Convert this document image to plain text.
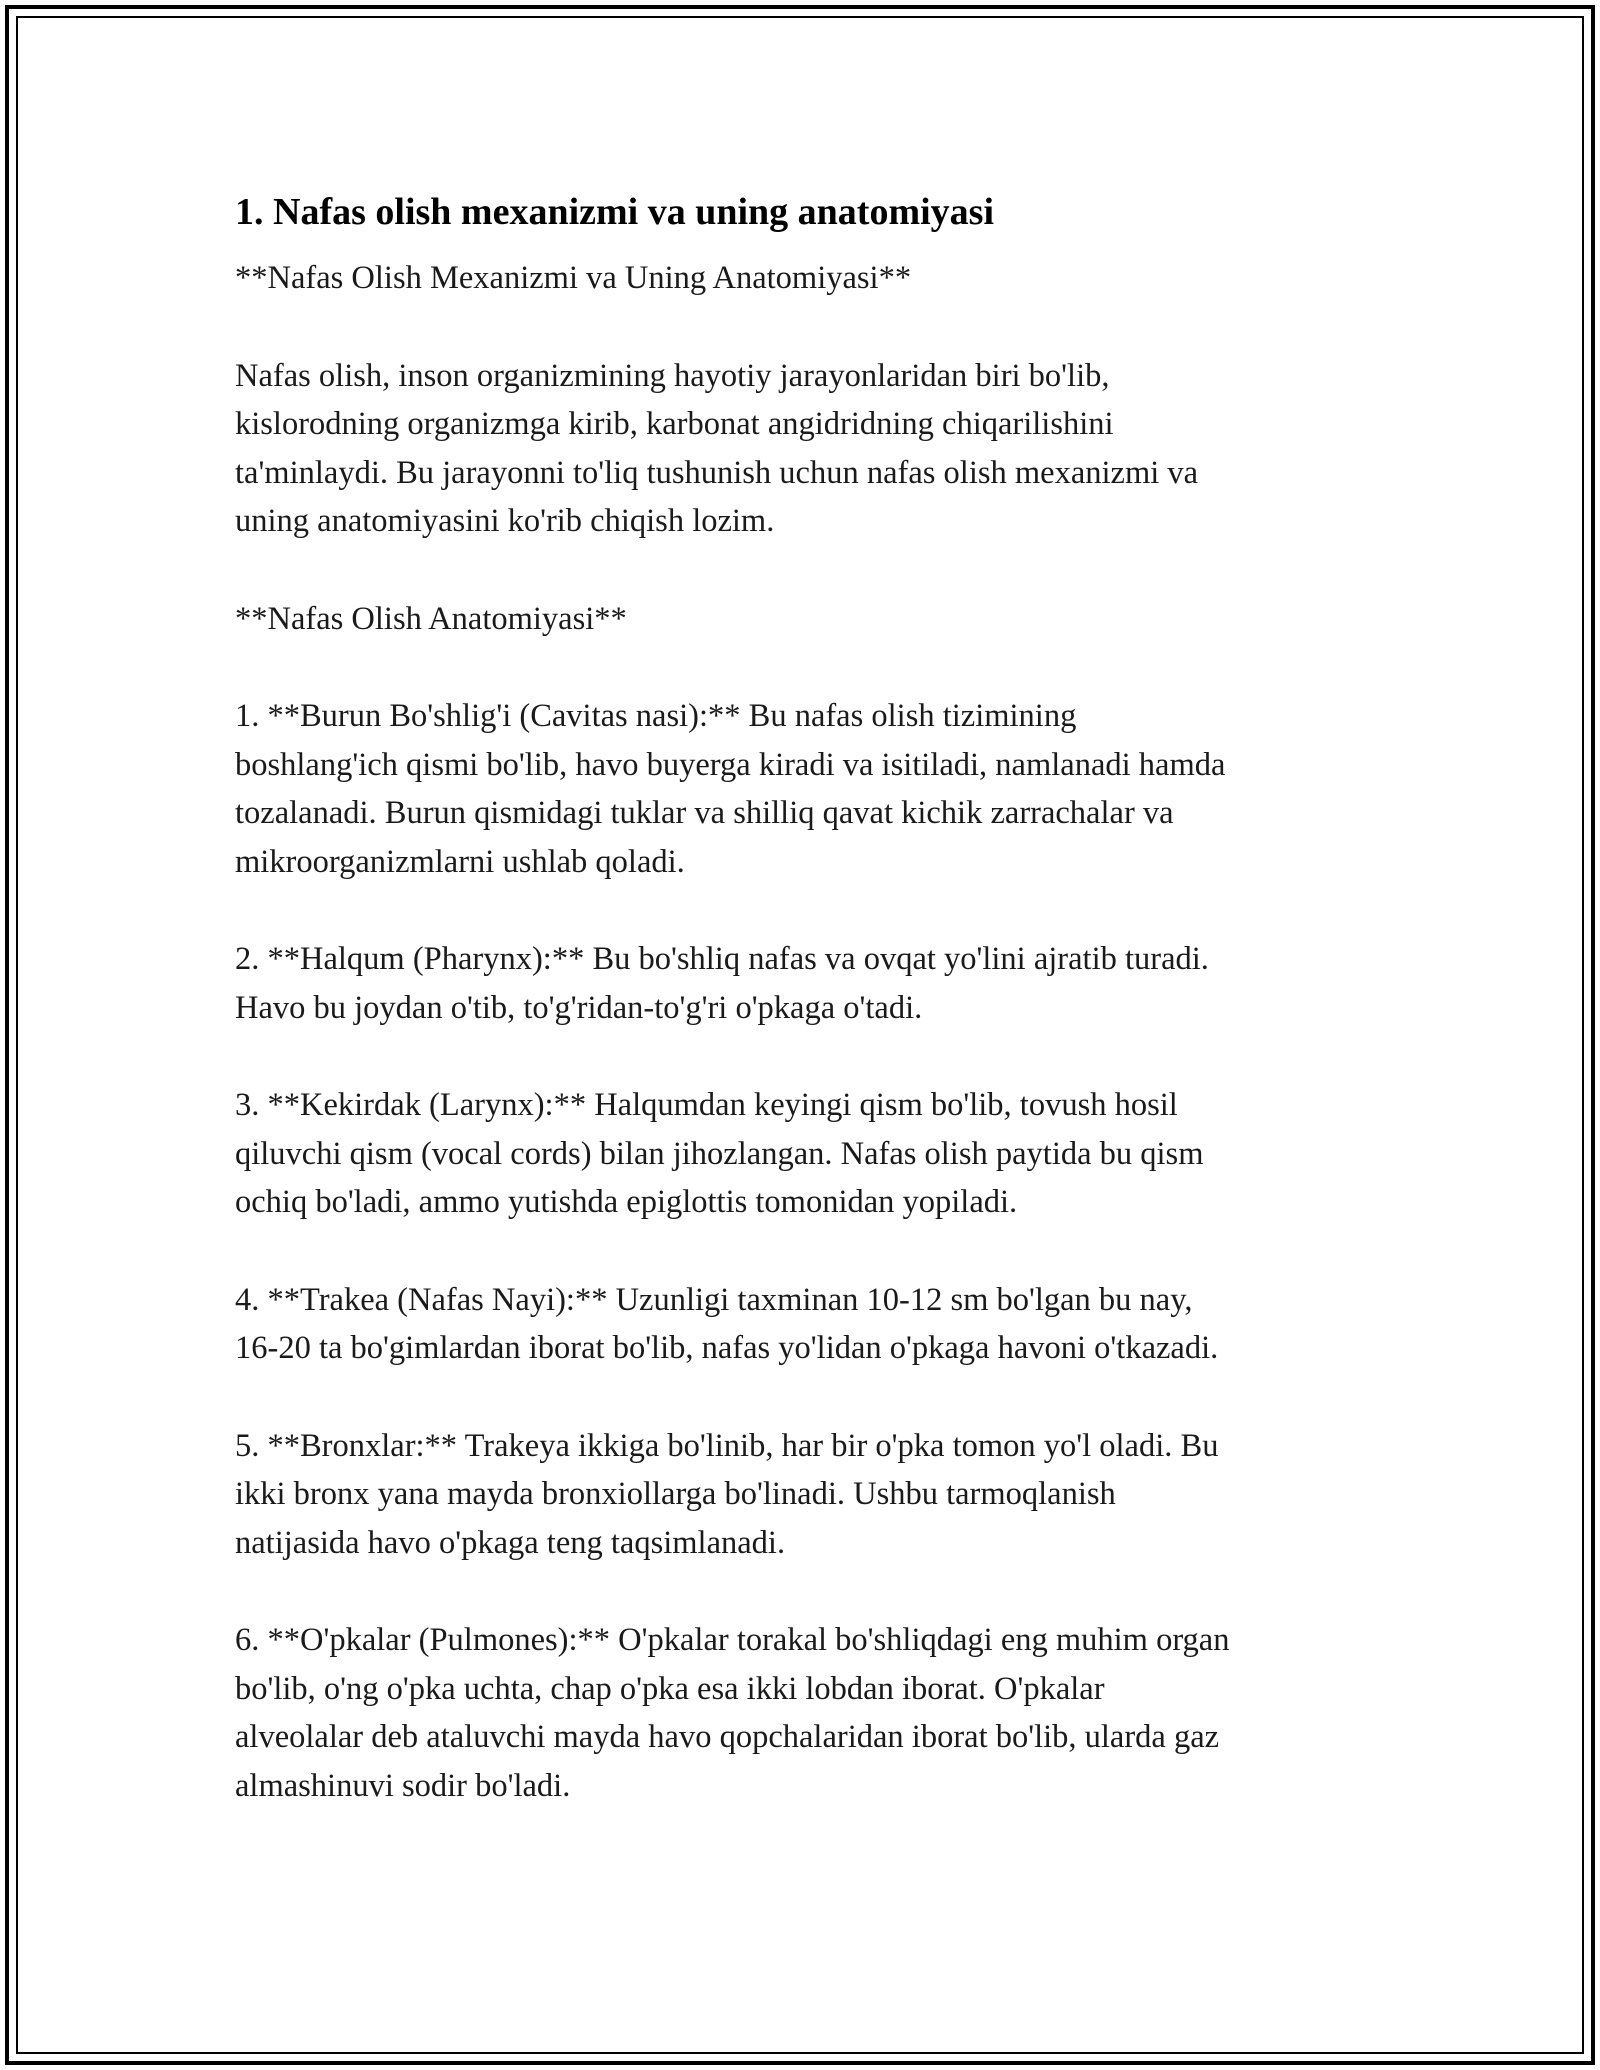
1. Nafas olish mexanizmi va uning anatomiyasi

**Nafas Olish Mexanizmi va Uning Anatomiyasi**

Nafas olish, inson organizmining hayotiy jarayonlaridan biri bo'lib,
kislorodning organizmga kirib, karbonat angidridning chiqarilishini
ta'minlaydi. Bu jarayonni to'liq tushunish uchun nafas olish mexanizmi va
uning anatomiyasini ko'rib chiqish lozim.

**Nafas Olish Anatomiyasi**

1. **Burun Bo'shlig'i (Cavitas nasi):** Bu nafas olish tizimining
boshlang'ich qismi bo'lib, havo buyerga kiradi va isitiladi, namlanadi hamda
tozalanadi. Burun qismidagi tuklar va shilliq qavat kichik zarrachalar va
mikroorganizmlarni ushlab qoladi.

2. **Halqum (Pharynx):** Bu bo'shliq nafas va ovqat yo'lini ajratib turadi.
Havo bu joydan o'tib, to'g'ridan-to'g'ri o'pkaga o'tadi.

3. **Kekirdak (Larynx):** Halqumdan keyingi qism bo'lib, tovush hosil
qiluvchi qism (vocal cords) bilan jihozlangan. Nafas olish paytida bu qism
ochiq bo'ladi, ammo yutishda epiglottis tomonidan yopiladi.

4. **Trakea (Nafas Nayi):** Uzunligi taxminan 10-12 sm bo'lgan bu nay,
16-20 ta bo'gimlardan iborat bo'lib, nafas yo'lidan o'pkaga havoni o'tkazadi.

5. **Bronxlar:** Trakeya ikkiga bo'linib, har bir o'pka tomon yo'l oladi. Bu
ikki bronx yana mayda bronxiollarga bo'linadi. Ushbu tarmoqlanish
natijasida havo o'pkaga teng taqsimlanadi.

6. **O'pkalar (Pulmones):** O'pkalar torakal bo'shliqdagi eng muhim organ
bo'lib, o'ng o'pka uchta, chap o'pka esa ikki lobdan iborat. O'pkalar
alveolalar deb ataluvchi mayda havo qopchalaridan iborat bo'lib, ularda gaz
almashinuvi sodir bo'ladi.
